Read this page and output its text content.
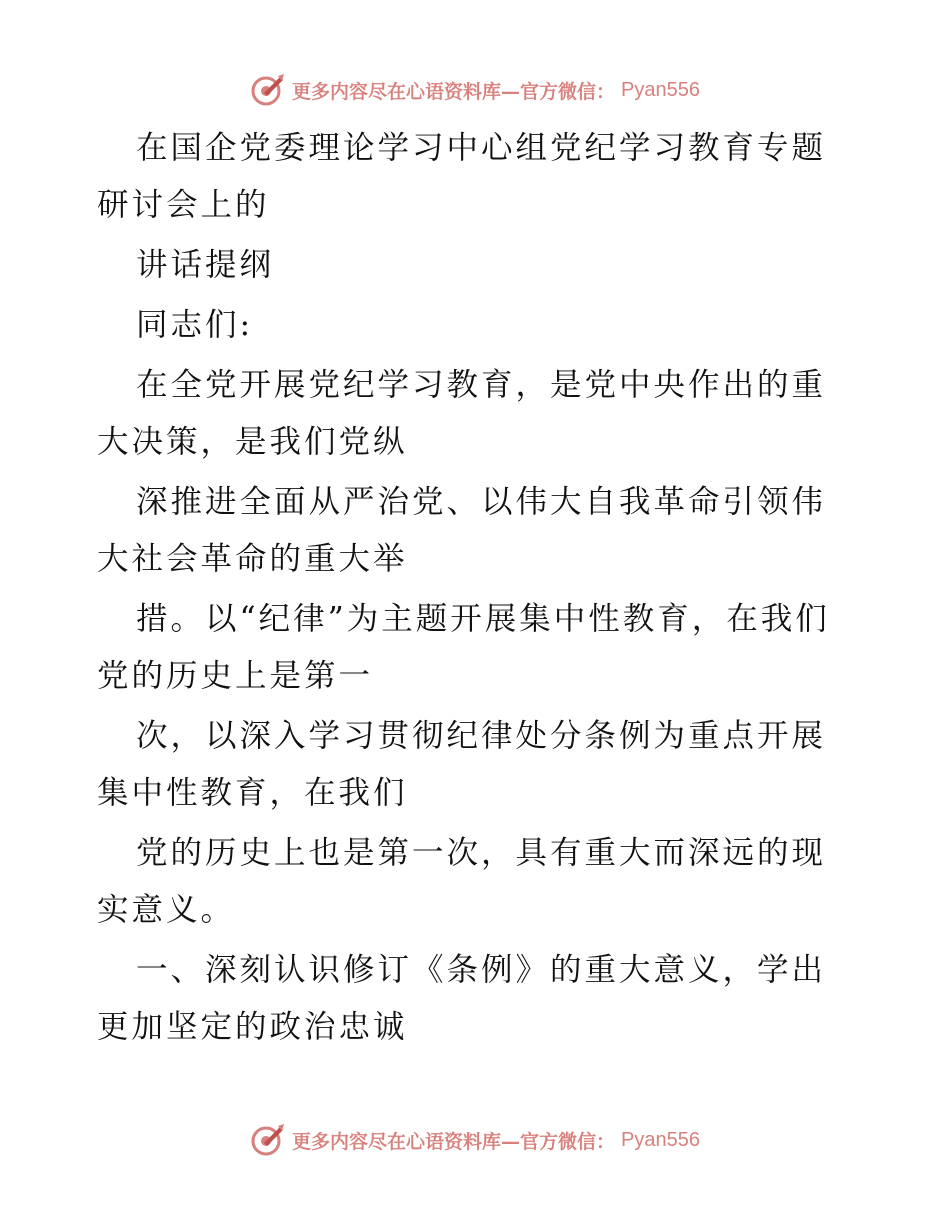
更多内容尽在心语资料库—官方微信： Pyan556

在国企党委理论学习中心组党纪学习教育专题研讨会上的

讲话提纲

同志们:

在全党开展党纪学习教育，是党中央作出的重大决策，是我们党纵

深推进全面从严治党、以伟大自我革命引领伟大社会革命的重大举

措。以“纪律”为主题开展集中性教育，在我们党的历史上是第一

次，以深入学习贯彻纪律处分条例为重点开展集中性教育，在我们

党的历史上也是第一次，具有重大而深远的现实意义。

一、深刻认识修订《条例》的重大意义，学出更加坚定的政治忠诚

更多内容尽在心语资料库—官方微信： Pyan556
